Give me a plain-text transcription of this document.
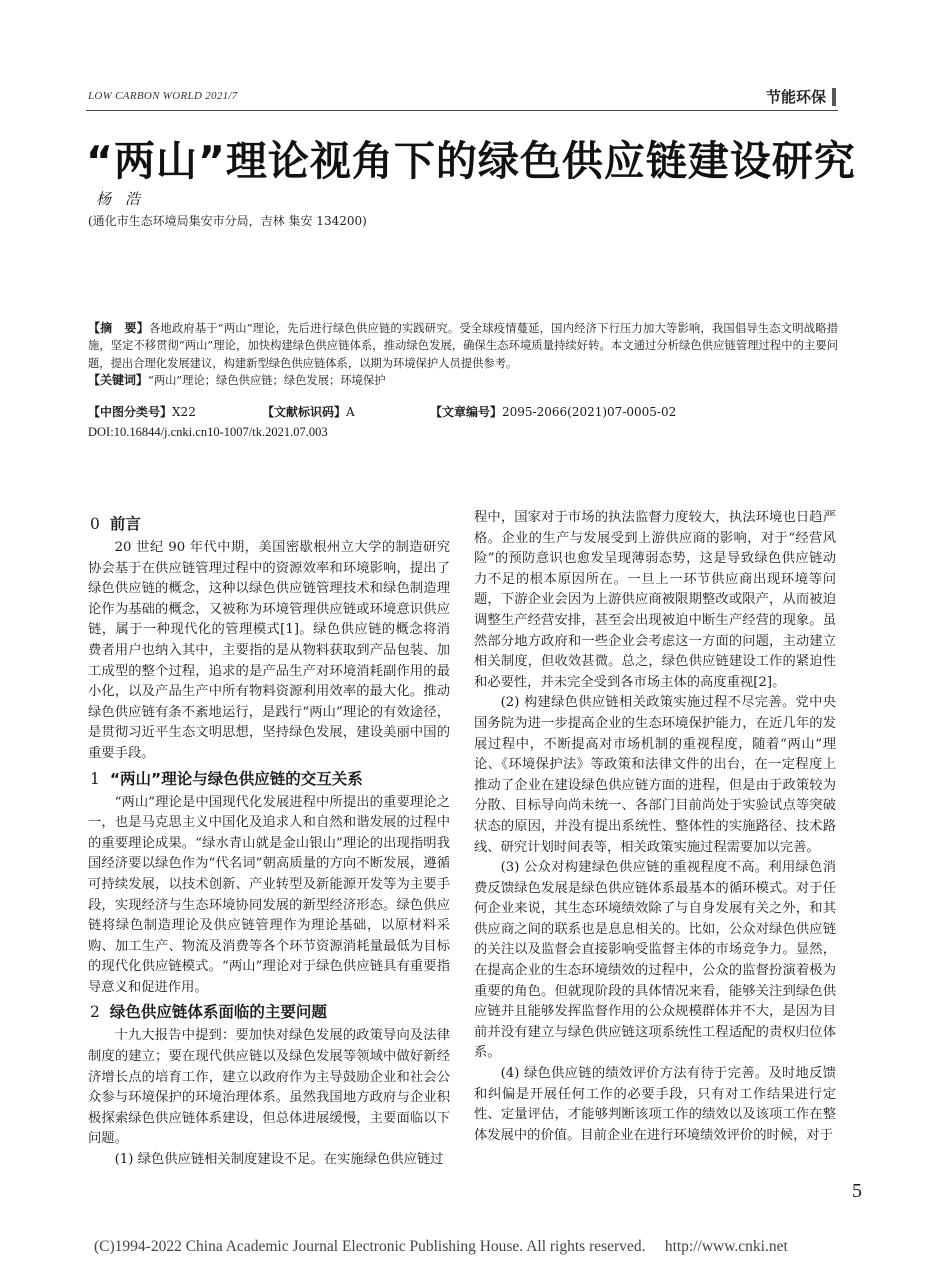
LOW CARBON WORLD 2021/7	节能环保
“两山”理论视角下的绿色供应链建设研究
杨浩
(通化市生态环境局集安市分局，吉林 集安 134200)
【摘　要】各地政府基于“两山”理论，先后进行绿色供应链的实践研究。受全球疫情蔓延，国内经济下行压力加大等影响，我国倡导生态文明战略措施，坚定不移贯彻“两山”理论，加快构建绿色供应链体系，推动绿色发展，确保生态环境质量持续好转。本文通过分析绿色供应链管理过程中的主要问题，提出合理化发展建议，构建新型绿色供应链体系，以期为环境保护人员提供参考。
【关键词】“两山”理论；绿色供应链；绿色发展；环境保护
【中图分类号】X22	【文献标识码】A	【文章编号】2095-2066(2021)07-0005-02
DOI:10.16844/j.cnki.cn10-1007/tk.2021.07.003
0 前言

20 世纪 90 年代中期，美国密歇根州立大学的制造研究协会基于在供应链管理过程中的资源效率和环境影响，提出了绿色供应链的概念，这种以绿色供应链管理技术和绿色制造理论作为基础的概念，又被称为环境管理供应链或环境意识供应链，属于一种现代化的管理模式[1]。绿色供应链的概念将消费者用户也纳入其中，主要指的是从物料获取到产品包装、加工成型的整个过程，追求的是产品生产对环境消耗副作用的最小化，以及产品生产中所有物料资源利用效率的最大化。推动绿色供应链有条不紊地运行，是践行“两山”理论的有效途径，是贯彻习近平生态文明思想，坚持绿色发展，建设美丽中国的重要手段。

1 “两山”理论与绿色供应链的交互关系

“两山”理论是中国现代化发展进程中所提出的重要理论之一，也是马克思主义中国化及追求人和自然和谐发展的过程中的重要理论成果。“绿水青山就是金山银山”理论的出现指明我国经济要以绿色作为“代名词”朝高质量的方向不断发展，遵循可持续发展，以技术创新、产业转型及新能源开发等为主要手段，实现经济与生态环境协同发展的新型经济形态。绿色供应链将绿色制造理论及供应链管理作为理论基础，以原材料采购、加工生产、物流及消费等各个环节资源消耗量最低为目标的现代化供应链模式。“两山”理论对于绿色供应链具有重要指导意义和促进作用。

2 绿色供应链体系面临的主要问题

十九大报告中提到：要加快对绿色发展的政策导向及法律制度的建立；要在现代供应链以及绿色发展等领域中做好新经济增长点的培育工作，建立以政府作为主导鼓励企业和社会公众参与环境保护的环境治理体系。虽然我国地方政府与企业积极探索绿色供应链体系建设，但总体进展缓慢，主要面临以下问题。

(1) 绿色供应链相关制度建设不足。在实施绿色供应链过

程中，国家对于市场的执法监督力度较大，执法环境也日趋严格。企业的生产与发展受到上游供应商的影响，对于“经营风险”的预防意识也愈发呈现薄弱态势，这是导致绿色供应链动力不足的根本原因所在。一旦上一环节供应商出现环境等问题，下游企业会因为上游供应商被限期整改或限产，从而被迫调整生产经营安排，甚至会出现被迫中断生产经营的现象。虽然部分地方政府和一些企业会考虑这一方面的问题，主动建立相关制度，但收效甚微。总之，绿色供应链建设工作的紧迫性和必要性，并未完全受到各市场主体的高度重视[2]。

(2) 构建绿色供应链相关政策实施过程不尽完善。党中央国务院为进一步提高企业的生态环境保护能力，在近几年的发展过程中，不断提高对市场机制的重视程度，随着“两山”理论、《环境保护法》等政策和法律文件的出台，在一定程度上推动了企业在建设绿色供应链方面的进程，但是由于政策较为分散、目标导向尚未统一、各部门目前尚处于实验试点等突破状态的原因，并没有提出系统性、整体性的实施路径、技术路线、研究计划时间表等，相关政策实施过程需要加以完善。

(3) 公众对构建绿色供应链的重视程度不高。利用绿色消费反馈绿色发展是绿色供应链体系最基本的循环模式。对于任何企业来说，其生态环境绩效除了与自身发展有关之外，和其供应商之间的联系也是息息相关的。比如，公众对绿色供应链的关注以及监督会直接影响受监督主体的市场竞争力。显然，在提高企业的生态环境绩效的过程中，公众的监督扮演着极为重要的角色。但就现阶段的具体情况来看，能够关注到绿色供应链并且能够发挥监督作用的公众规模群体并不大，是因为目前并没有建立与绿色供应链这项系统性工程适配的责权归位体系。

(4) 绿色供应链的绩效评价方法有待于完善。及时地反馈和纠偏是开展任何工作的必要手段，只有对工作结果进行定性、定量评估，才能够判断该项工作的绩效以及该项工作在整体发展中的价值。目前企业在进行环境绩效评价的时候，对于

5
(C)1994-2022 China Academic Journal Electronic Publishing House. All rights reserved.　 http://www.cnki.net
